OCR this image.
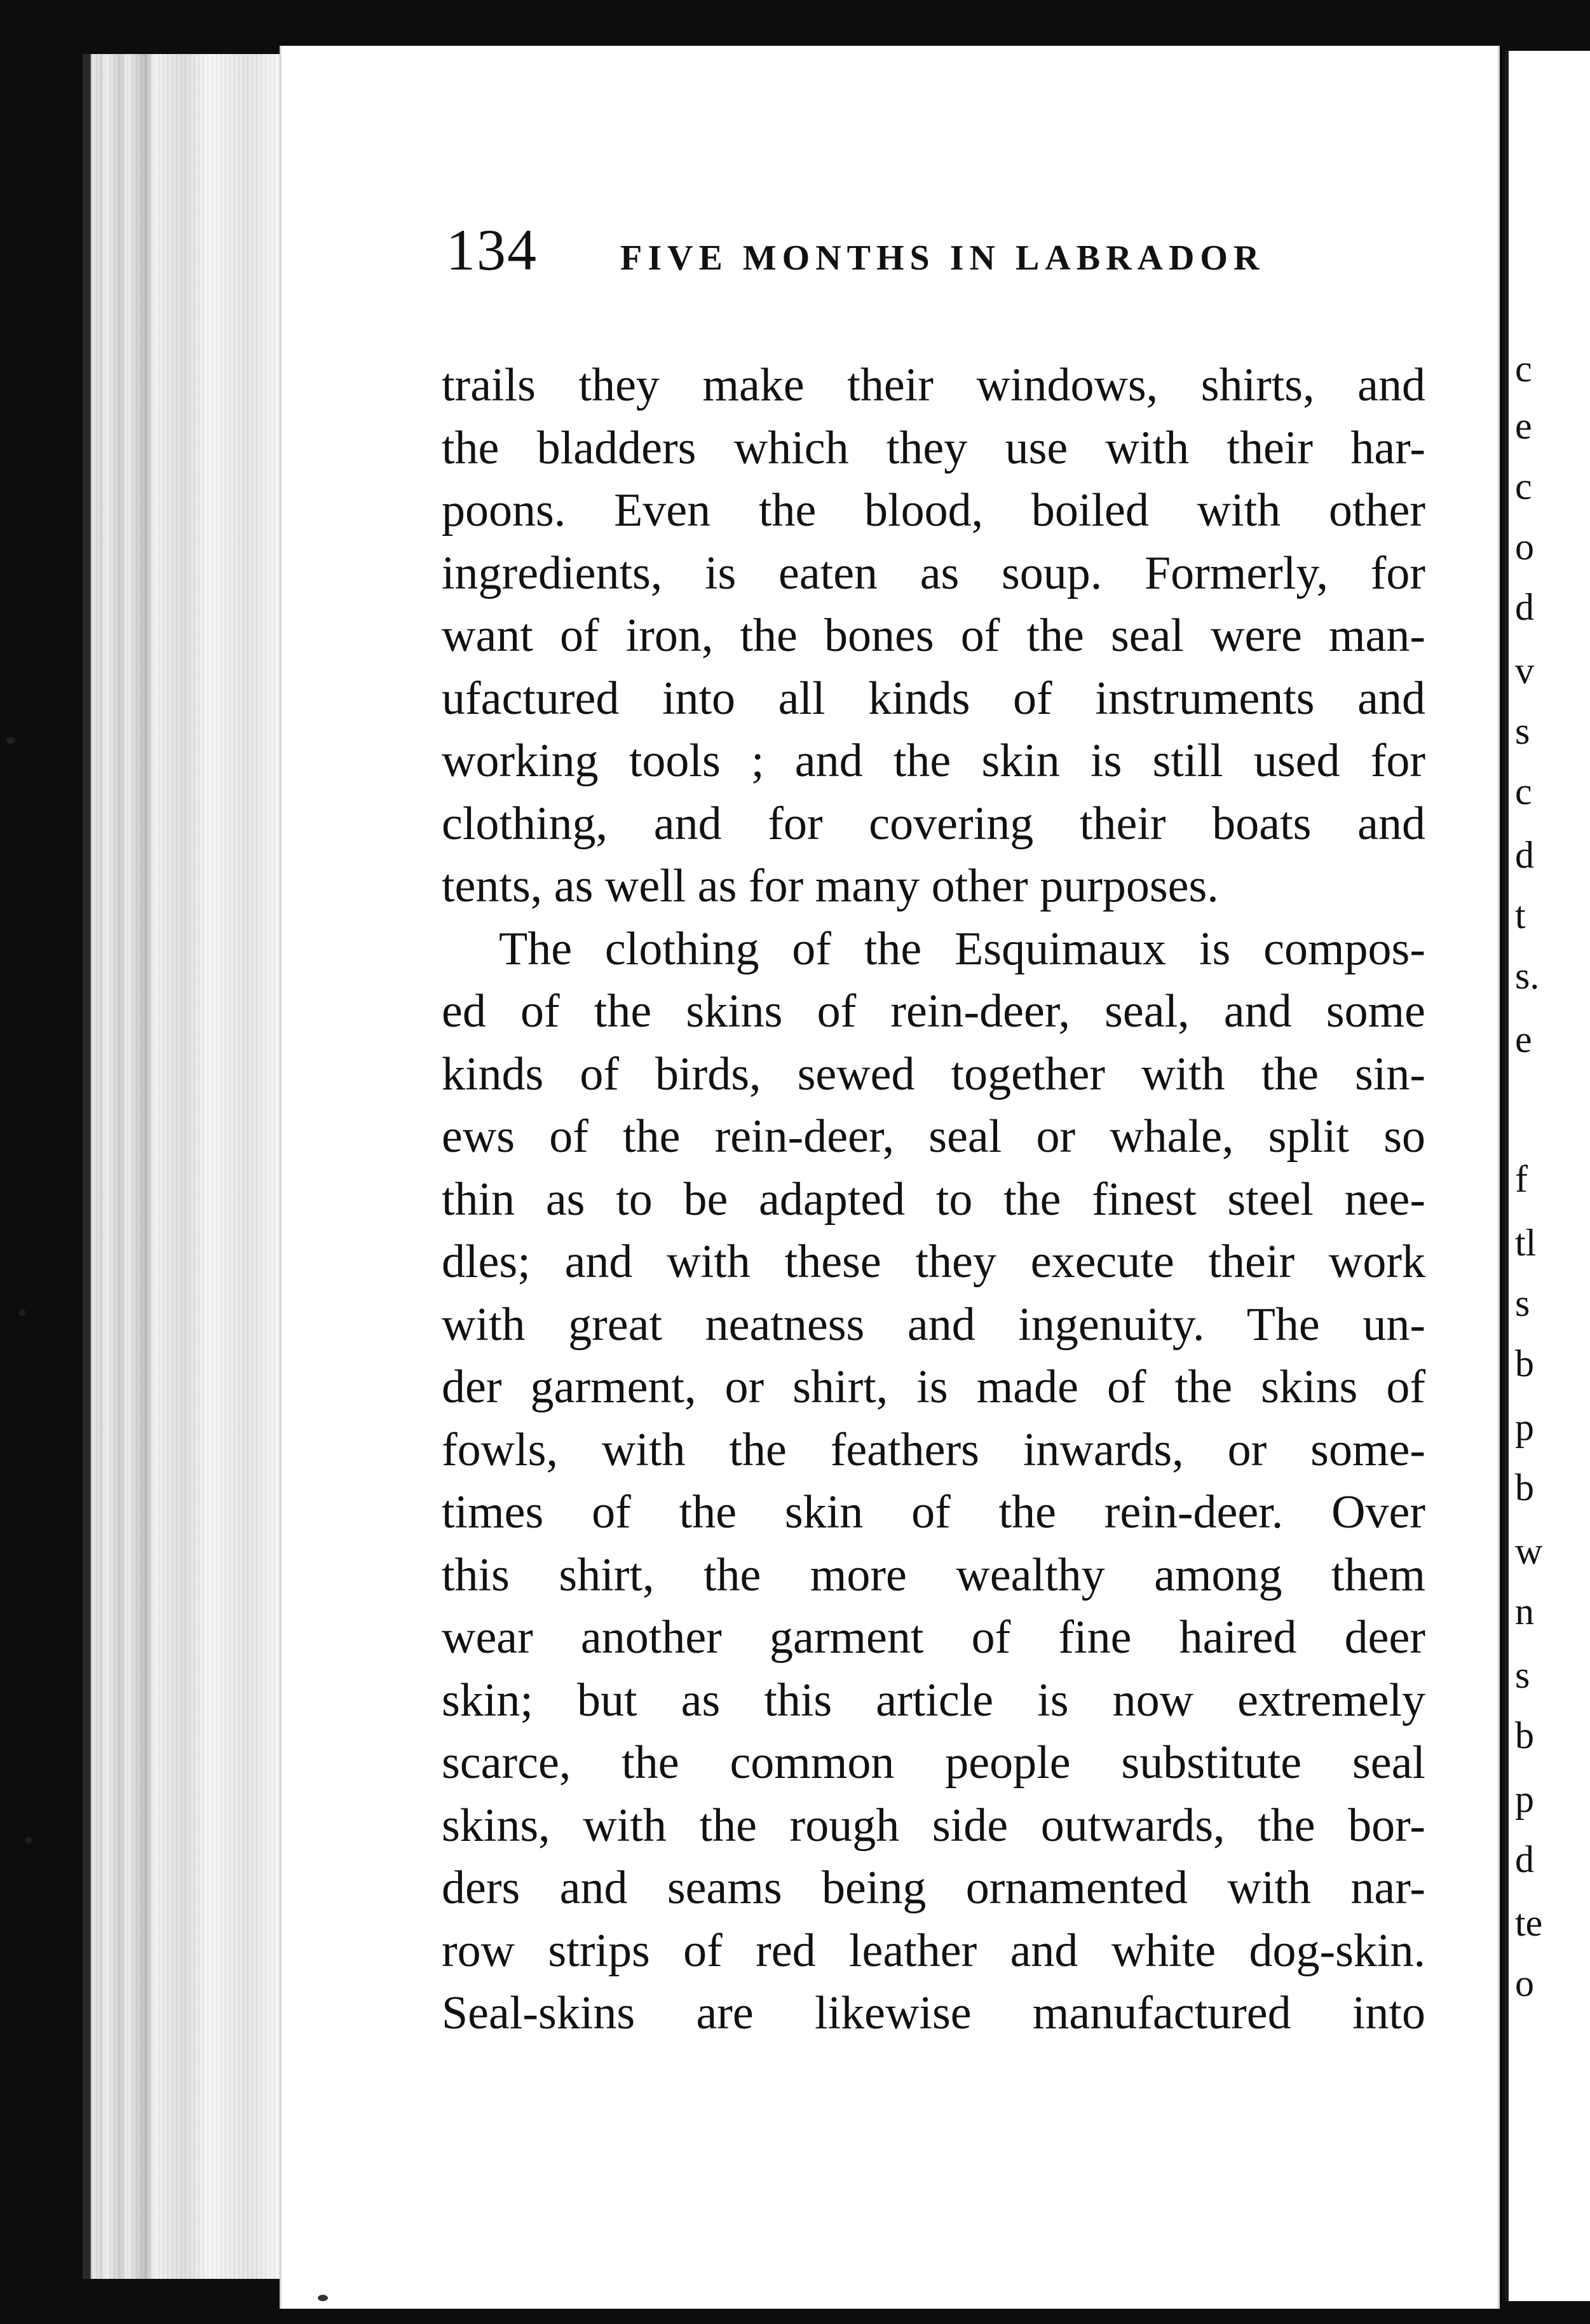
134 FIVE MONTHS IN LABRADOR
trails they make their windows, shirts, and
the bladders which they use with their har-
poons. Even the blood, boiled with other
ingredients, is eaten as soup. Formerly, for
want of iron, the bones of the seal were man-
ufactured into all kinds of instruments and
working tools ; and the skin is still used for
clothing, and for covering their boats and
tents, as well as for many other purposes.
The clothing of the Esquimaux is compos-
ed of the skins of rein-deer, seal, and some
kinds of birds, sewed together with the sin-
ews of the rein-deer, seal or whale, split so
thin as to be adapted to the finest steel nee-
dles; and with these they execute their work
with great neatness and ingenuity. The un-
der garment, or shirt, is made of the skins of
fowls, with the feathers inwards, or some-
times of the skin of the rein-deer. Over
this shirt, the more wealthy among them
wear another garment of fine haired deer
skin; but as this article is now extremely
scarce, the common people substitute seal
skins, with the rough side outwards, the bor-
ders and seams being ornamented with nar-
row strips of red leather and white dog-skin.
Seal-skins are likewise manufactured into
c
e
c
o
d
v
s
c
d
t
s.
e
f
tl
s
b
p
b
w
n
s
b
p
d
te
o
